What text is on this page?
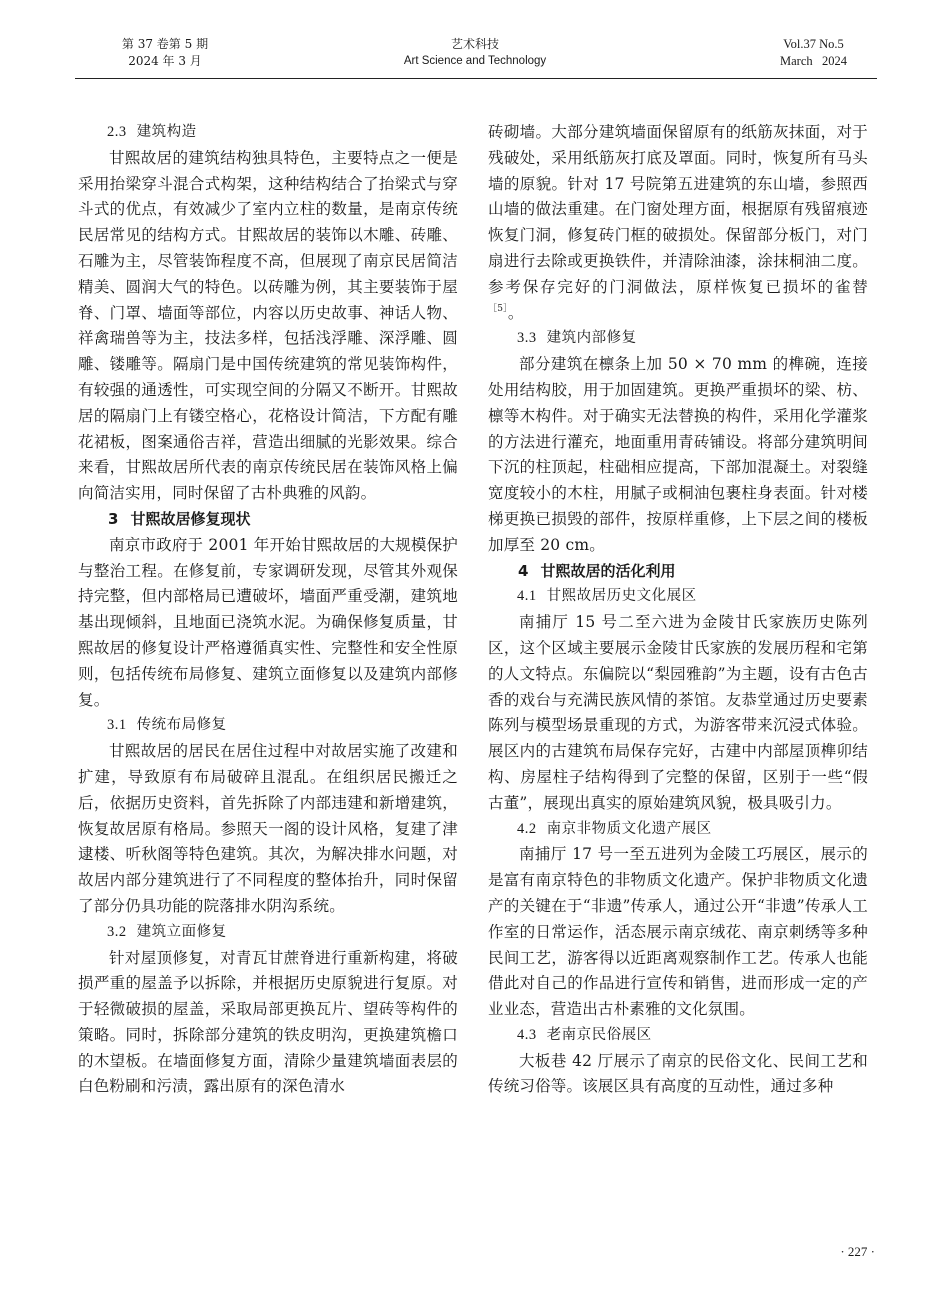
第 37 卷第 5 期
2024 年 3 月
艺术科技
Art Science and Technology
Vol.37 No.5
March   2024
2.3 建筑构造

甘熙故居的建筑结构独具特色，主要特点之一便是采用抬梁穿斗混合式构架，这种结构结合了抬梁式与穿斗式的优点，有效减少了室内立柱的数量，是南京传统民居常见的结构方式。甘熙故居的装饰以木雕、砖雕、石雕为主，尽管装饰程度不高，但展现了南京民居简洁精美、圆润大气的特色。以砖雕为例，其主要装饰于屋脊、门罩、墙面等部位，内容以历史故事、神话人物、祥禽瑞兽等为主，技法多样，包括浅浮雕、深浮雕、圆雕、镂雕等。隔扇门是中国传统建筑的常见装饰构件，有较强的通透性，可实现空间的分隔又不断开。甘熙故居的隔扇门上有镂空格心，花格设计简洁，下方配有雕花裙板，图案通俗吉祥，营造出细腻的光影效果。综合来看，甘熙故居所代表的南京传统民居在装饰风格上偏向简洁实用，同时保留了古朴典雅的风韵。

3 甘熙故居修复现状

南京市政府于 2001 年开始甘熙故居的大规模保护与整治工程。在修复前，专家调研发现，尽管其外观保持完整，但内部格局已遭破坏，墙面严重受潮，建筑地基出现倾斜，且地面已浇筑水泥。为确保修复质量，甘熙故居的修复设计严格遵循真实性、完整性和安全性原则，包括传统布局修复、建筑立面修复以及建筑内部修复。

3.1 传统布局修复

甘熙故居的居民在居住过程中对故居实施了改建和扩建，导致原有布局破碎且混乱。在组织居民搬迁之后，依据历史资料，首先拆除了内部违建和新增建筑，恢复故居原有格局。参照天一阁的设计风格，复建了津逮楼、听秋阁等特色建筑。其次，为解决排水问题，对故居内部分建筑进行了不同程度的整体抬升，同时保留了部分仍具功能的院落排水阴沟系统。

3.2 建筑立面修复

针对屋顶修复，对青瓦甘蔗脊进行重新构建，将破损严重的屋盖予以拆除，并根据历史原貌进行复原。对于轻微破损的屋盖，采取局部更换瓦片、望砖等构件的策略。同时，拆除部分建筑的铁皮明沟，更换建筑檐口的木望板。在墙面修复方面，清除少量建筑墙面表层的白色粉刷和污渍，露出原有的深色清水

砖砌墙。大部分建筑墙面保留原有的纸筋灰抹面，对于残破处，采用纸筋灰打底及罩面。同时，恢复所有马头墙的原貌。针对 17 号院第五进建筑的东山墙，参照西山墙的做法重建。在门窗处理方面，根据原有残留痕迹恢复门洞，修复砖门框的破损处。保留部分板门，对门扇进行去除或更换铁件，并清除油漆，涂抹桐油二度。参考保存完好的门洞做法，原样恢复已损坏的雀替$^{[5]}$。

3.3 建筑内部修复

部分建筑在檩条上加 50 × 70 mm 的榫碗，连接处用结构胶，用于加固建筑。更换严重损坏的梁、枋、檩等木构件。对于确实无法替换的构件，采用化学灌浆的方法进行灌充，地面重用青砖铺设。将部分建筑明间下沉的柱顶起，柱础相应提高，下部加混凝土。对裂缝宽度较小的木柱，用腻子或桐油包裹柱身表面。针对楼梯更换已损毁的部件，按原样重修，上下层之间的楼板加厚至 20 cm。

4 甘熙故居的活化利用
4.1 甘熙故居历史文化展区

南捕厅 15 号二至六进为金陵甘氏家族历史陈列区，这个区域主要展示金陵甘氏家族的发展历程和宅第的人文特点。东偏院以“梨园雅韵”为主题，设有古色古香的戏台与充满民族风情的茶馆。友恭堂通过历史要素陈列与模型场景重现的方式，为游客带来沉浸式体验。展区内的古建筑布局保存完好，古建中内部屋顶榫卯结构、房屋柱子结构得到了完整的保留，区别于一些“假古董”，展现出真实的原始建筑风貌，极具吸引力。

4.2 南京非物质文化遗产展区

南捕厅 17 号一至五进列为金陵工巧展区，展示的是富有南京特色的非物质文化遗产。保护非物质文化遗产的关键在于“非遗”传承人，通过公开“非遗”传承人工作室的日常运作，活态展示南京绒花、南京刺绣等多种民间工艺，游客得以近距离观察制作工艺。传承人也能借此对自己的作品进行宣传和销售，进而形成一定的产业业态，营造出古朴素雅的文化氛围。

4.3 老南京民俗展区

大板巷 42 厅展示了南京的民俗文化、民间工艺和传统习俗等。该展区具有高度的互动性，通过多种

· 227 ·
